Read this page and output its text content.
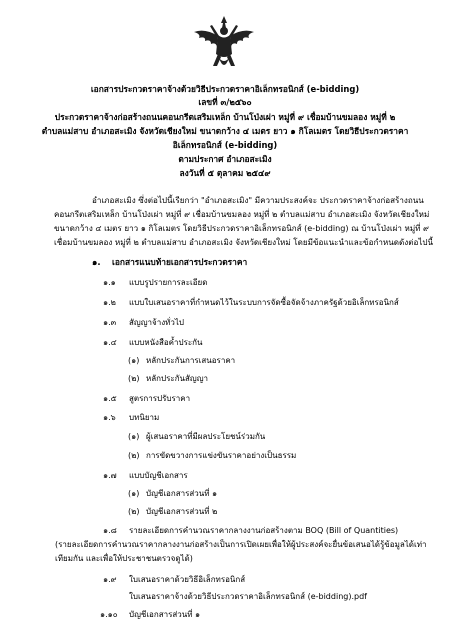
เอกสารประกวดราคาจ้างด้วยวิธีประกวดราคาอิเล็กทรอนิกส์ (e-bidding)
เลขที่ ๓/๒๕๖๐
ประกวดราคาจ้างก่อสร้างถนนคอนกรีตเสริมเหล็ก บ้านโป่งเผ่า หมู่ที่ ๙ เชื่อมบ้านขมลอง หมู่ที่ ๒
ตำบลแม่สาบ อำเภอสะเมิง จังหวัดเชียงใหม่ ขนาดกว้าง ๔ เมตร ยาว ๑ กิโลเมตร โดยวิธีประกวดราคา
อิเล็กทรอนิกส์ (e-bidding)
ตามประกาศ อำเภอสะเมิง
ลงวันที่ ๕ ตุลาคม ๒๕๔๙
อำเภอสะเมิง ซึ่งต่อไปนี้เรียกว่า "อำเภอสะเมิง" มีความประสงค์จะ ประกวดราคาจ้างก่อสร้างถนน
คอนกรีตเสริมเหล็ก บ้านโป่งเผ่า หมู่ที่ ๙ เชื่อมบ้านขมลอง หมู่ที่ ๒ ตำบลแม่สาบ อำเภอสะเมิง จังหวัดเชียงใหม่
ขนาดกว้าง ๔ เมตร ยาว ๑ กิโลเมตร โดยวิธีประกวดราคาอิเล็กทรอนิกส์ (e-bidding) ณ บ้านโป่งเผ่า หมู่ที่ ๙
เชื่อมบ้านขมลอง หมู่ที่ ๒ ตำบลแม่สาบ อำเภอสะเมิง จังหวัดเชียงใหม่ โดยมีข้อแนะนำและข้อกำหนดดังต่อไปนี้
๑. เอกสารแนบท้ายเอกสารประกวดราคา
๑.๑ แบบรูปรายการละเอียด
๑.๒ แบบใบเสนอราคาที่กำหนดไว้ในระบบการจัดซื้อจัดจ้างภาครัฐด้วยอิเล็กทรอนิกส์
๑.๓ สัญญาจ้างทั่วไป
๑.๔ แบบหนังสือค้ำประกัน
(๑) หลักประกันการเสนอราคา
(๒) หลักประกันสัญญา
๑.๕ สูตรการปรับราคา
๑.๖ บทนิยาม
(๑) ผู้เสนอราคาที่มีผลประโยชน์ร่วมกัน
(๒) การขัดขวางการแข่งขันราคาอย่างเป็นธรรม
๑.๗ แบบบัญชีเอกสาร
(๑) บัญชีเอกสารส่วนที่ ๑
(๒) บัญชีเอกสารส่วนที่ ๒
๑.๘ รายละเอียดการคำนวณราคากลางงานก่อสร้างตาม BOQ (Bill of Quantities)
(รายละเอียดการคำนวณราคากลางงานก่อสร้างเป็นการเปิดเผยเพื่อให้ผู้ประสงค์จะยื่นข้อเสนอได้รู้ข้อมูลได้เท่า
เทียมกัน และเพื่อให้ประชาชนตรวจดูได้)
๑.๙ ใบเสนอราคาด้วยวิธีอิเล็กทรอนิกส์
ใบเสนอราคาจ้างด้วยวิธีประกวดราคาอิเล็กทรอนิกส์ (e-bidding).pdf
๑.๑๐ บัญชีเอกสารส่วนที่ ๑
